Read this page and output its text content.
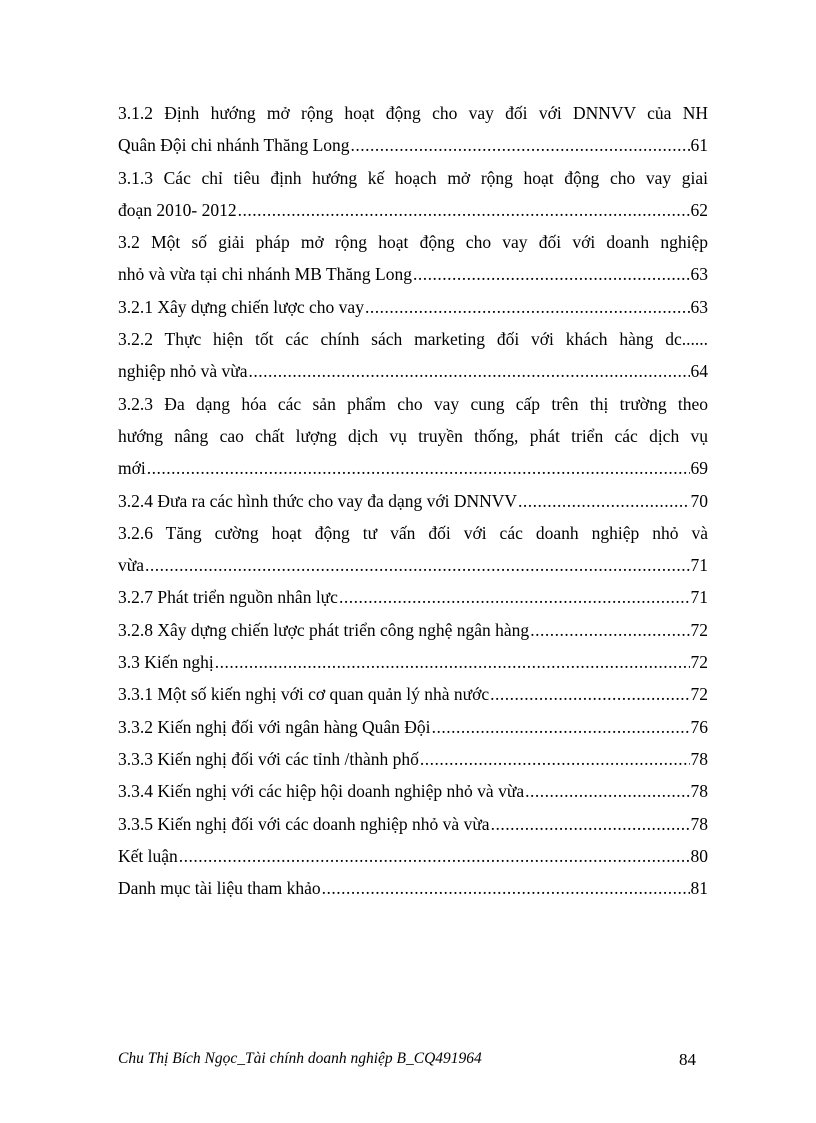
3.1.2 Định hướng mở rộng hoạt động cho vay đối với DNNVV của NH
Quân Đội chi nhánh Thăng Long .....	61
3.1.3 Các chỉ tiêu định hướng kế hoạch mở rộng hoạt động cho vay giai
đoạn 2010- 2012 .....	62
3.2 Một số giải pháp mở rộng hoạt động cho vay đối với doanh nghiệp
nhỏ và vừa tại chi nhánh MB Thăng Long .....	63
3.2.1 Xây dựng chiến lược cho vay .....	63
3.2.2 Thực hiện tốt các chính sách marketing đối với khách hàng dc......
nghiệp nhỏ và vừa .....	64
3.2.3 Đa dạng hóa các sản phẩm cho vay cung cấp trên thị trường theo
hướng nâng cao chất lượng dịch vụ truyền thống, phát triển các dịch vụ
mới .....	69
3.2.4 Đưa ra các hình thức cho vay đa dạng với DNNVV .....	70
3.2.6 Tăng cường hoạt động tư vấn đối với các doanh nghiệp nhỏ và
vừa .....	71
3.2.7 Phát triển nguồn nhân lực .....	71
3.2.8 Xây dựng chiến lược phát triển công nghệ ngân hàng .....	72
3.3 Kiến nghị .....	72
3.3.1 Một số kiến nghị với cơ quan quản lý nhà nước .....	72
3.3.2 Kiến nghị đối với ngân hàng Quân Đội .....	76
3.3.3 Kiến nghị đối với các tỉnh /thành phố .....	78
3.3.4 Kiến nghị với các hiệp hội doanh nghiệp nhỏ và vừa .....	78
3.3.5 Kiến nghị đối với các doanh nghiệp nhỏ và vừa .....	78
Kết luận .....	80
Danh mục tài liệu tham khảo .....	81
Chu Thị Bích Ngọc_Tài chính doanh nghiệp B_CQ491964	84
